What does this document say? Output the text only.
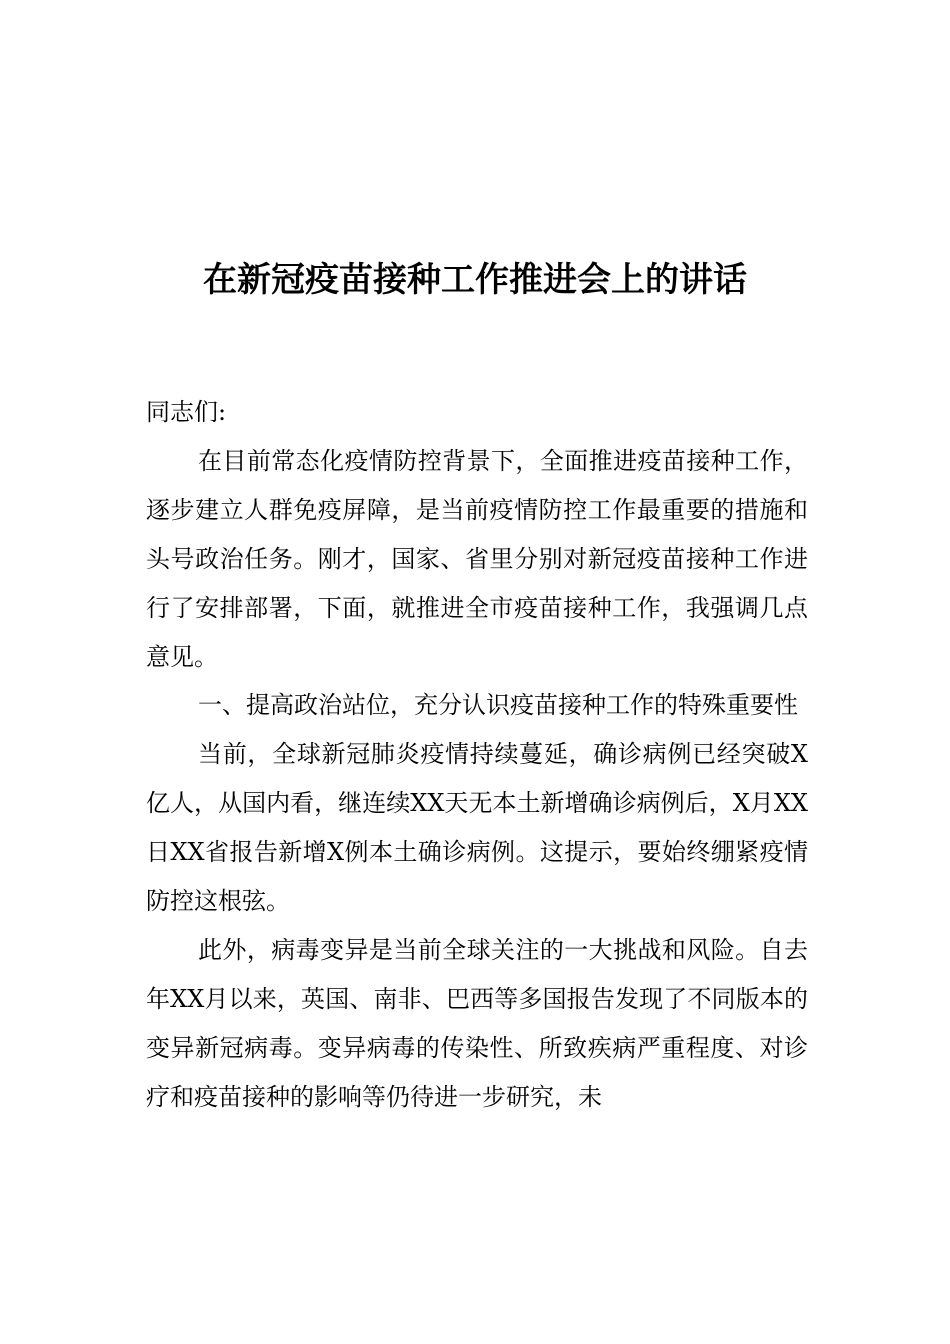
在新冠疫苗接种工作推进会上的讲话

同志们:

在目前常态化疫情防控背景下，全面推进疫苗接种工作，逐步建立人群免疫屏障，是当前疫情防控工作最重要的措施和头号政治任务。刚才，国家、省里分别对新冠疫苗接种工作进行了安排部署，下面，就推进全市疫苗接种工作，我强调几点意见。

一、提高政治站位，充分认识疫苗接种工作的特殊重要性

当前，全球新冠肺炎疫情持续蔓延，确诊病例已经突破X亿人，从国内看，继连续XX天无本土新增确诊病例后，X月XX日XX省报告新增X例本土确诊病例。这提示，要始终绷紧疫情防控这根弦。

此外，病毒变异是当前全球关注的一大挑战和风险。自去年XX月以来，英国、南非、巴西等多国报告发现了不同版本的变异新冠病毒。变异病毒的传染性、所致疾病严重程度、对诊疗和疫苗接种的影响等仍待进一步研究，未
